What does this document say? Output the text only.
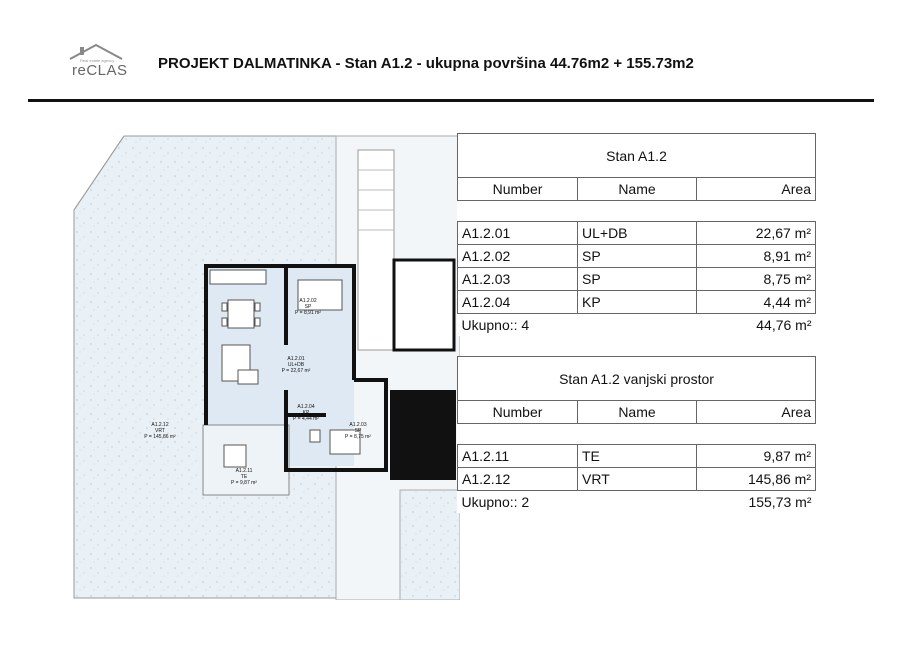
Real estate agency
reCLAS PROJEKT DALMATINKA - Stan A1.2 - ukupna površina 44.76m2 + 155.73m2
A1.2.02
SP
P = 8,91 m²
A1.2.01
UL+DB
P = 22,67 m²
A1.2.04
KP
P = 4,44 m²
A1.2.03
SP
P = 8,75 m²
A1.2.11
TE
P = 9,87 m²
A1.2.12
VRT
P = 145,86 m²
Stan A1.2		
Number	Name	Area

A1.2.01	UL+DB	22,67 m²
A1.2.02	SP	8,91 m²
A1.2.03	SP	8,75 m²
A1.2.04	KP	4,44 m²
Ukupno:: 4		44,76 m²
Stan A1.2 vanjski prostor		
Number	Name	Area

A1.2.11	TE	9,87 m²
A1.2.12	VRT	145,86 m²
Ukupno:: 2		155,73 m²
